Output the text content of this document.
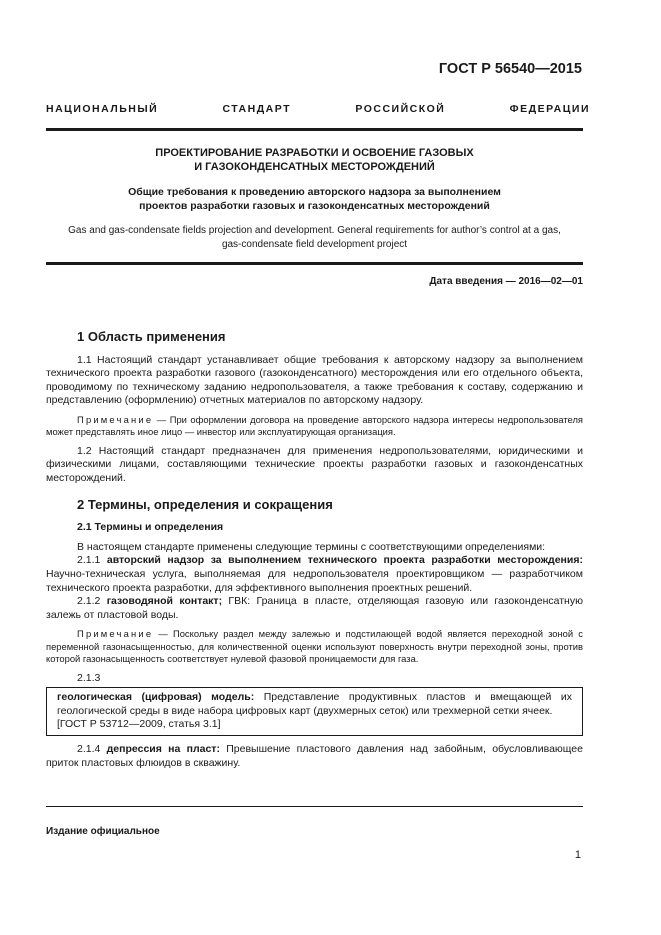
ГОСТ Р 56540—2015
НАЦИОНАЛЬНЫЙ СТАНДАРТ РОССИЙСКОЙ ФЕДЕРАЦИИ
ПРОЕКТИРОВАНИЕ РАЗРАБОТКИ И ОСВОЕНИЕ ГАЗОВЫХ
И ГАЗОКОНДЕНСАТНЫХ МЕСТОРОЖДЕНИЙ
Общие требования к проведению авторского надзора за выполнением
проектов разработки газовых и газоконденсатных месторождений
Gas and gas-condensate fields projection and development. General requirements for author’s control at a gas,
gas-condensate field development project
Дата введения — 2016—02—01
1 Область применения

1.1 Настоящий стандарт устанавливает общие требования к авторскому надзору за выполнением технического проекта разработки газового (газоконденсатного) месторождения или его отдельного объекта, проводимому по техническому заданию недропользователя, а также требования к составу, содержанию и представлению (оформлению) отчетных материалов по авторскому надзору.

Примечание — При оформлении договора на проведение авторского надзора интересы недропользователя может представлять иное лицо — инвестор или эксплуатирующая организация.

1.2 Настоящий стандарт предназначен для применения недропользователями, юридическими и физическими лицами, составляющими технические проекты разработки газовых и газоконденсатных месторождений.

2 Термины, определения и сокращения
2.1 Термины и определения

В настоящем стандарте применены следующие термины с соответствующими определениями:

2.1.1 авторский надзор за выполнением технического проекта разработки месторождения: Научно-техническая услуга, выполняемая для недропользователя проектировщиком — разработчиком технического проекта разработки, для эффективного выполнения проектных решений.

2.1.2 газоводяной контакт; ГВК: Граница в пласте, отделяющая газовую или газоконденсатную залежь от пластовой воды.

Примечание — Поскольку раздел между залежью и подстилающей водой является переходной зоной с переменной газонасыщенностью, для количественной оценки используют поверхность внутри переходной зоны, против которой газонасыщенность соответствует нулевой фазовой проницаемости для газа.

2.1.3

геологическая (цифровая) модель: Представление продуктивных пластов и вмещающей их геологической среды в виде набора цифровых карт (двухмерных сеток) или трехмерной сетки ячеек.

[ГОСТ Р 53712—2009, статья 3.1]

2.1.4 депрессия на пласт: Превышение пластового давления над забойным, обусловливающее приток пластовых флюидов в скважину.

Издание официальное
1
